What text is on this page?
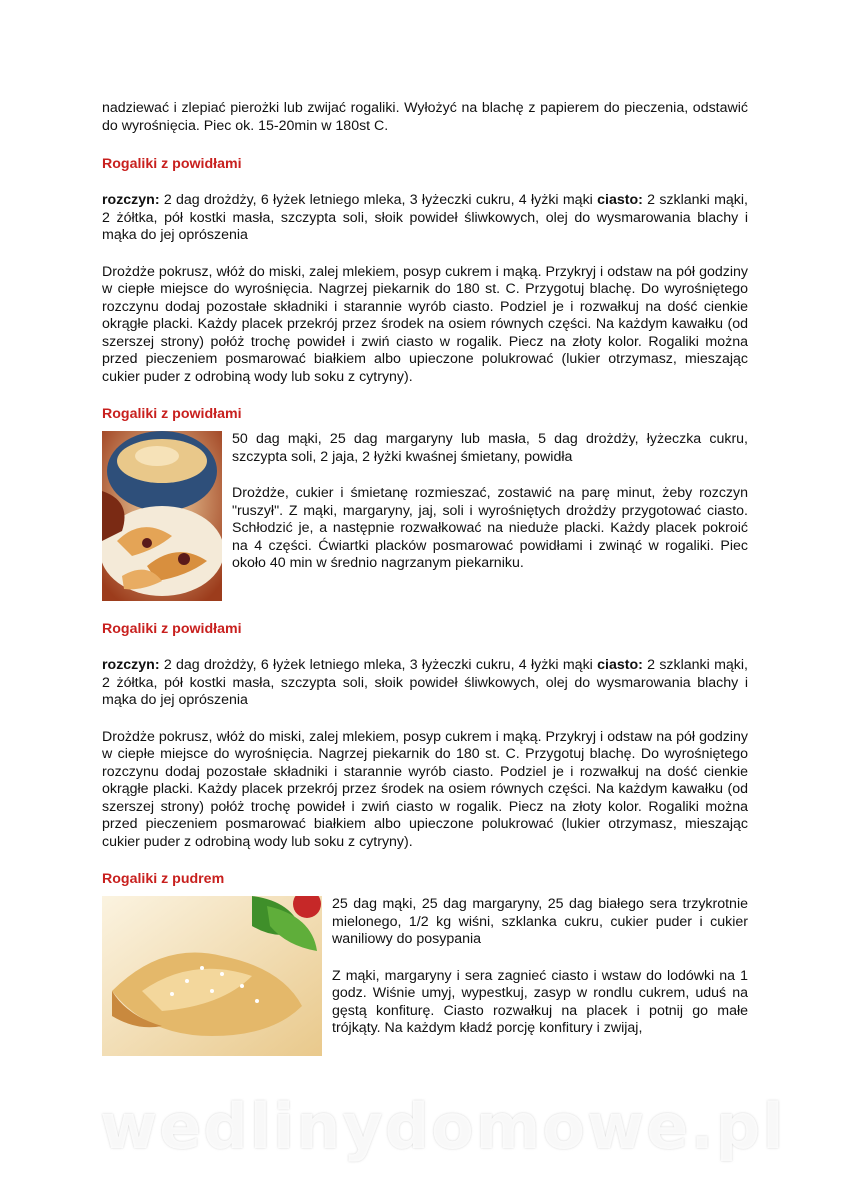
nadziewać i zlepiać pierożki lub zwijać rogaliki. Wyłożyć na blachę z papierem do pieczenia, odstawić do wyrośnięcia. Piec ok. 15-20min w 180st C.

Rogaliki z powidłami

rozczyn: 2 dag drożdży, 6 łyżek letniego mleka, 3 łyżeczki cukru, 4 łyżki mąki ciasto: 2 szklanki mąki, 2 żółtka, pół kostki masła, szczypta soli, słoik powideł śliwkowych, olej do wysmarowania blachy i mąka do jej oprószenia

Drożdże pokrusz, włóż do miski, zalej mlekiem, posyp cukrem i mąką. Przykryj i odstaw na pół godziny w ciepłe miejsce do wyrośnięcia. Nagrzej piekarnik do 180 st. C. Przygotuj blachę. Do wyrośniętego rozczynu dodaj pozostałe składniki i starannie wyrób ciasto. Podziel je i rozwałkuj na dość cienkie okrągłe placki. Każdy placek przekrój przez środek na osiem równych części. Na każdym kawałku (od szerszej strony) połóż trochę powideł i zwiń ciasto w rogalik. Piecz na złoty kolor. Rogaliki można przed pieczeniem posmarować białkiem albo upieczone polukrować (lukier otrzymasz, mieszając cukier puder z odrobiną wody lub soku z cytryny).

Rogaliki z powidłami

50 dag mąki, 25 dag margaryny lub masła, 5 dag drożdży, łyżeczka cukru, szczypta soli, 2 jaja, 2 łyżki kwaśnej śmietany, powidła

Drożdże, cukier i śmietanę rozmieszać, zostawić na parę minut, żeby rozczyn "ruszył". Z mąki, margaryny, jaj, soli i wyrośniętych drożdży przygotować ciasto. Schłodzić je, a następnie rozwałkować na nieduże placki. Każdy placek pokroić na 4 części. Ćwiartki placków posmarować powidłami i zwinąć w rogaliki. Piec około 40 min w średnio nagrzanym piekarniku.

Rogaliki z powidłami

rozczyn: 2 dag drożdży, 6 łyżek letniego mleka, 3 łyżeczki cukru, 4 łyżki mąki ciasto: 2 szklanki mąki, 2 żółtka, pół kostki masła, szczypta soli, słoik powideł śliwkowych, olej do wysmarowania blachy i mąka do jej oprószenia

Drożdże pokrusz, włóż do miski, zalej mlekiem, posyp cukrem i mąką. Przykryj i odstaw na pół godziny w ciepłe miejsce do wyrośnięcia. Nagrzej piekarnik do 180 st. C. Przygotuj blachę. Do wyrośniętego rozczynu dodaj pozostałe składniki i starannie wyrób ciasto. Podziel je i rozwałkuj na dość cienkie okrągłe placki. Każdy placek przekrój przez środek na osiem równych części. Na każdym kawałku (od szerszej strony) połóż trochę powideł i zwiń ciasto w rogalik. Piecz na złoty kolor. Rogaliki można przed pieczeniem posmarować białkiem albo upieczone polukrować (lukier otrzymasz, mieszając cukier puder z odrobiną wody lub soku z cytryny).

Rogaliki z pudrem

25 dag mąki, 25 dag margaryny, 25 dag białego sera trzykrotnie mielonego, 1/2 kg wiśni, szklanka cukru, cukier puder i cukier waniliowy do posypania

Z mąki, margaryny i sera zagnieć ciasto i wstaw do lodówki na 1 godz. Wiśnie umyj, wypestkuj, zasyp w rondlu cukrem, uduś na gęstą konfiturę. Ciasto rozwałkuj na placek i potnij go małe trójkąty. Na każdym kładź porcję konfitury i zwijaj,

wedlinydomowe.pl
